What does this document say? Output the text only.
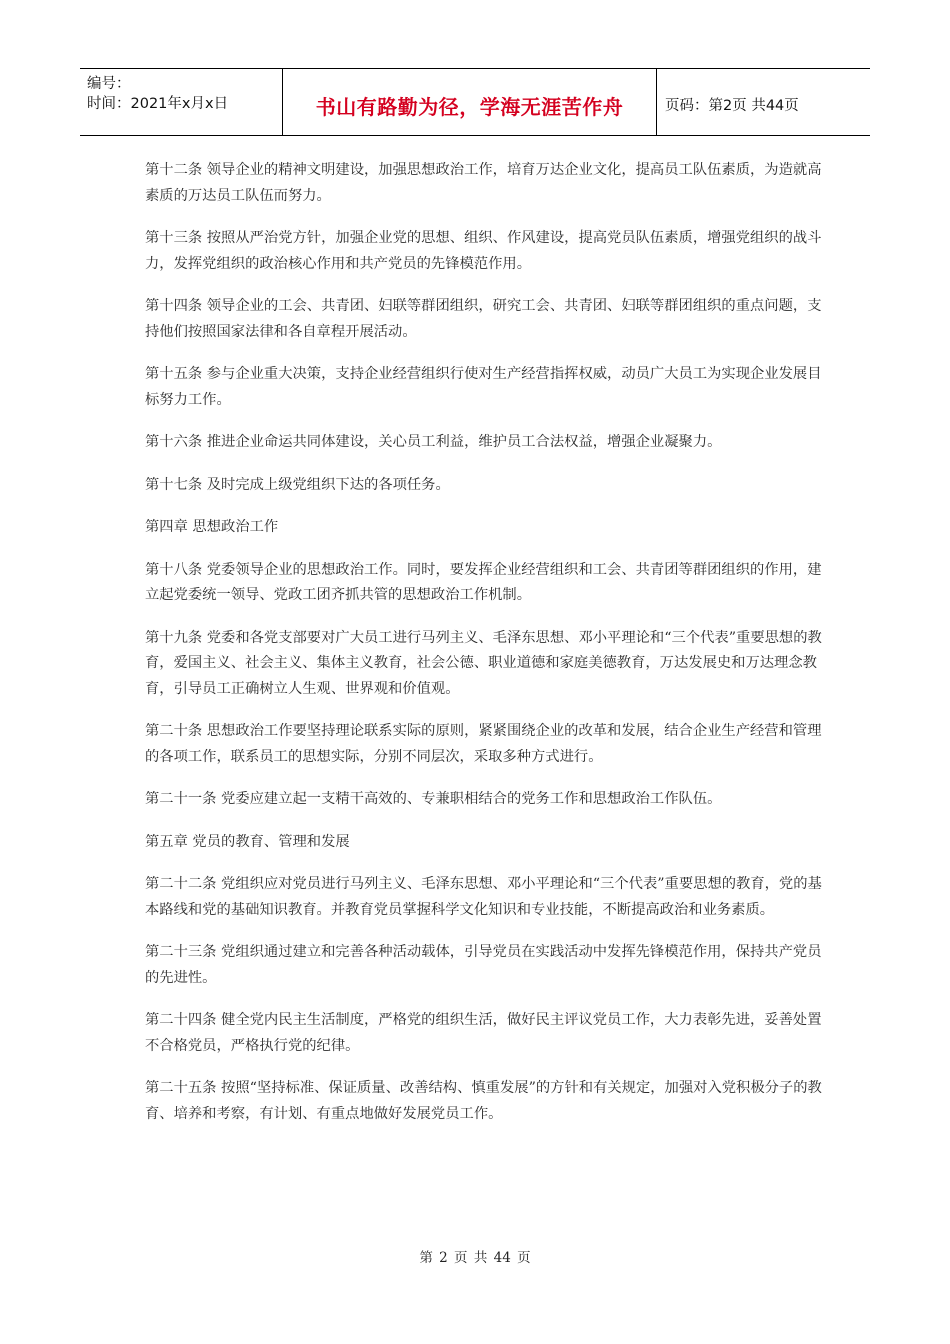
编号：
时间：2021年x月x日	书山有路勤为径，学海无涯苦作舟	页码：第2页 共44页

第十二条 领导企业的精神文明建设，加强思想政治工作，培育万达企业文化，提高员工队伍素质，为造就高素质的万达员工队伍而努力。

第十三条 按照从严治党方针，加强企业党的思想、组织、作风建设，提高党员队伍素质，增强党组织的战斗力，发挥党组织的政治核心作用和共产党员的先锋模范作用。

第十四条 领导企业的工会、共青团、妇联等群团组织，研究工会、共青团、妇联等群团组织的重点问题，支持他们按照国家法律和各自章程开展活动。

第十五条 参与企业重大决策，支持企业经营组织行使对生产经营指挥权威，动员广大员工为实现企业发展目标努力工作。

第十六条 推进企业命运共同体建设，关心员工利益，维护员工合法权益，增强企业凝聚力。

第十七条 及时完成上级党组织下达的各项任务。

第四章 思想政治工作

第十八条 党委领导企业的思想政治工作。同时，要发挥企业经营组织和工会、共青团等群团组织的作用，建立起党委统一领导、党政工团齐抓共管的思想政治工作机制。

第十九条 党委和各党支部要对广大员工进行马列主义、毛泽东思想、邓小平理论和“三个代表”重要思想的教育，爱国主义、社会主义、集体主义教育，社会公德、职业道德和家庭美德教育，万达发展史和万达理念教育，引导员工正确树立人生观、世界观和价值观。

第二十条 思想政治工作要坚持理论联系实际的原则，紧紧围绕企业的改革和发展，结合企业生产经营和管理的各项工作，联系员工的思想实际，分别不同层次，采取多种方式进行。

第二十一条 党委应建立起一支精干高效的、专兼职相结合的党务工作和思想政治工作队伍。

第五章 党员的教育、管理和发展

第二十二条 党组织应对党员进行马列主义、毛泽东思想、邓小平理论和“三个代表”重要思想的教育，党的基本路线和党的基础知识教育。并教育党员掌握科学文化知识和专业技能，不断提高政治和业务素质。

第二十三条 党组织通过建立和完善各种活动载体，引导党员在实践活动中发挥先锋模范作用，保持共产党员的先进性。

第二十四条 健全党内民主生活制度，严格党的组织生活，做好民主评议党员工作，大力表彰先进，妥善处置不合格党员，严格执行党的纪律。

第二十五条 按照“坚持标准、保证质量、改善结构、慎重发展”的方针和有关规定，加强对入党积极分子的教育、培养和考察，有计划、有重点地做好发展党员工作。

第 2 页 共 44 页
